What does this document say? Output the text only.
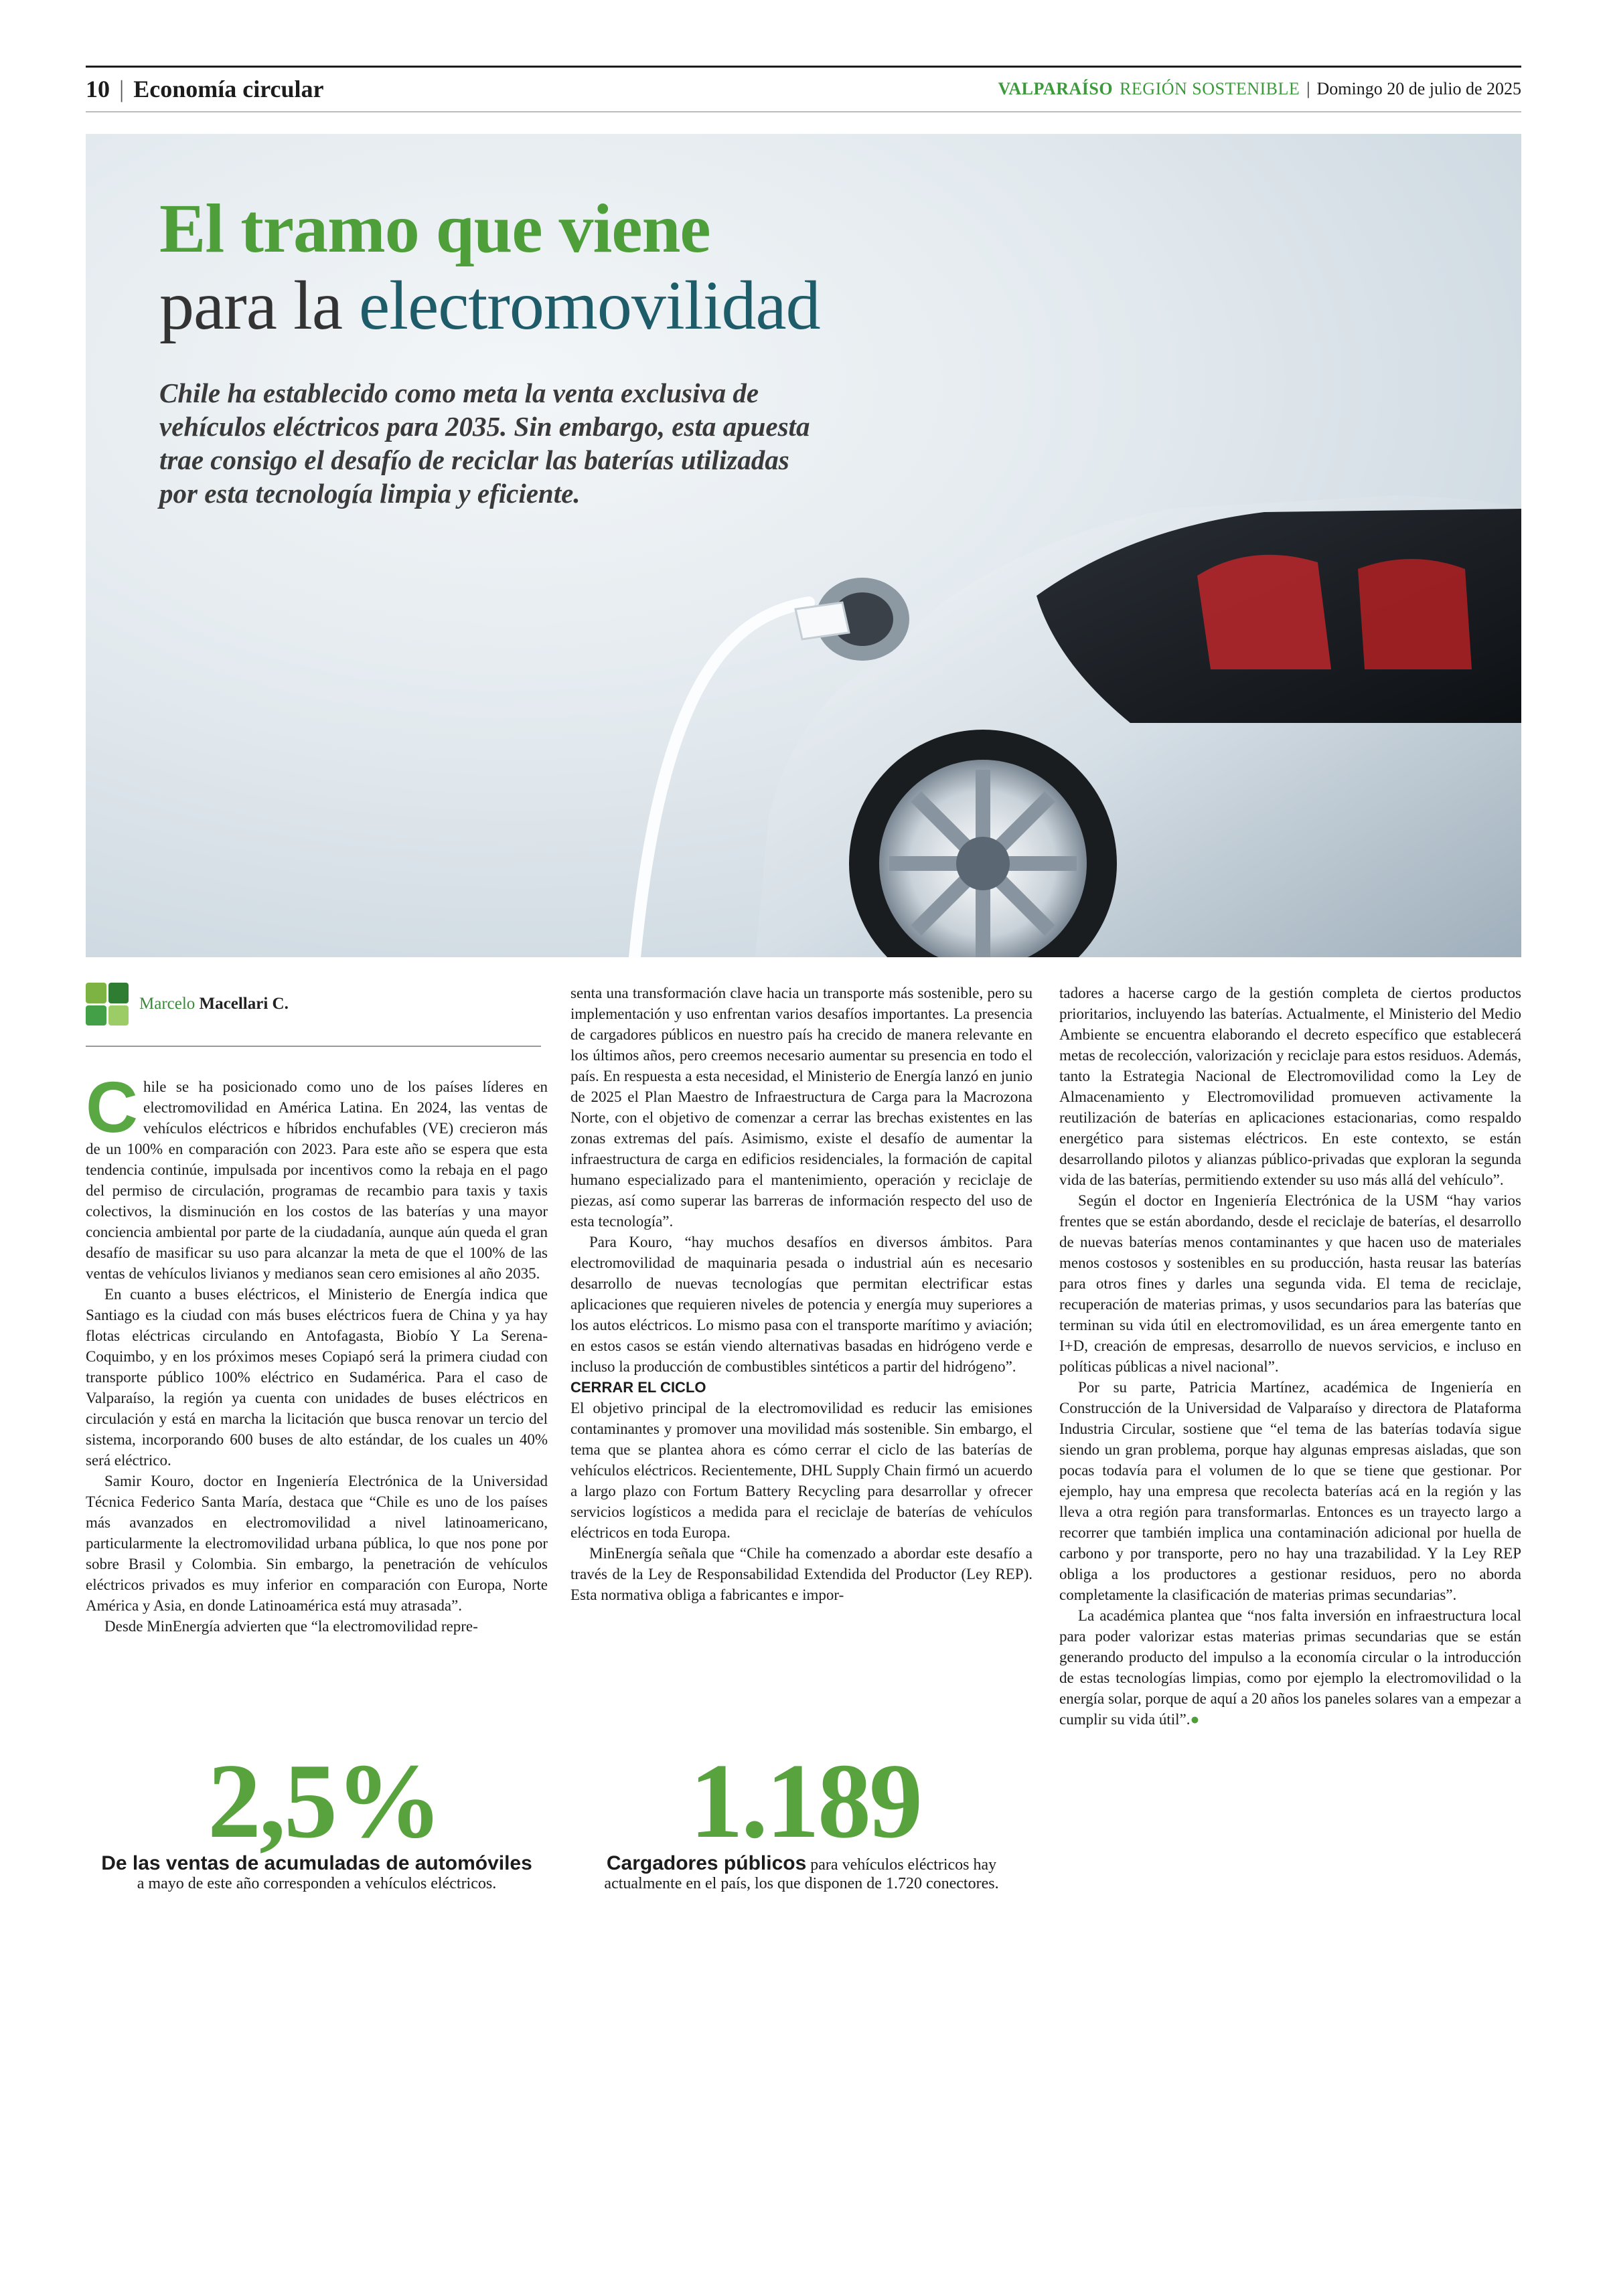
10 | Economía circular	VALPARAÍSO REGIÓN SOSTENIBLE | Domingo 20 de julio de 2025
El tramo que viene
para la electromovilidad
Chile ha establecido como meta la venta exclusiva de vehículos eléctricos para 2035. Sin embargo, esta apuesta trae consigo el desafío de reciclar las baterías utilizadas por esta tecnología limpia y eficiente.
Marcelo Macellari C.

Chile se ha posicionado como uno de los países líderes en electromovilidad en América Latina. En 2024, las ventas de vehículos eléctricos e híbridos enchufables (VE) crecieron más de un 100% en comparación con 2023. Para este año se espera que esta tendencia continúe, impulsada por incentivos como la rebaja en el pago del permiso de circulación, programas de recambio para taxis y taxis colectivos, la disminución en los costos de las baterías y una mayor conciencia ambiental por parte de la ciudadanía, aunque aún queda el gran desafío de masificar su uso para alcanzar la meta de que el 100% de las ventas de vehículos livianos y medianos sean cero emisiones al año 2035.

En cuanto a buses eléctricos, el Ministerio de Energía indica que Santiago es la ciudad con más buses eléctricos fuera de China y ya hay flotas eléctricas circulando en Antofagasta, Biobío Y La Serena-Coquimbo, y en los próximos meses Copiapó será la primera ciudad con transporte público 100% eléctrico en Sudamérica. Para el caso de Valparaíso, la región ya cuenta con unidades de buses eléctricos en circulación y está en marcha la licitación que busca renovar un tercio del sistema, incorporando 600 buses de alto estándar, de los cuales un 40% será eléctrico.

Samir Kouro, doctor en Ingeniería Electrónica de la Universidad Técnica Federico Santa María, destaca que “Chile es uno de los países más avanzados en electromovilidad a nivel latinoamericano, particularmente la electromovilidad urbana pública, lo que nos pone por sobre Brasil y Colombia. Sin embargo, la penetración de vehículos eléctricos privados es muy inferior en comparación con Europa, Norte América y Asia, en donde Latinoamérica está muy atrasada”.

Desde MinEnergía advierten que “la electromovilidad repre-

senta una transformación clave hacia un transporte más sostenible, pero su implementación y uso enfrentan varios desafíos importantes. La presencia de cargadores públicos en nuestro país ha crecido de manera relevante en los últimos años, pero creemos necesario aumentar su presencia en todo el país. En respuesta a esta necesidad, el Ministerio de Energía lanzó en junio de 2025 el Plan Maestro de Infraestructura de Carga para la Macrozona Norte, con el objetivo de comenzar a cerrar las brechas existentes en las zonas extremas del país. Asimismo, existe el desafío de aumentar la infraestructura de carga en edificios residenciales, la formación de capital humano especializado para el mantenimiento, operación y reciclaje de piezas, así como superar las barreras de información respecto del uso de esta tecnología”.

Para Kouro, “hay muchos desafíos en diversos ámbitos. Para electromovilidad de maquinaria pesada o industrial aún es necesario desarrollo de nuevas tecnologías que permitan electrificar estas aplicaciones que requieren niveles de potencia y energía muy superiores a los autos eléctricos. Lo mismo pasa con el transporte marítimo y aviación; en estos casos se están viendo alternativas basadas en hidrógeno verde e incluso la producción de combustibles sintéticos a partir del hidrógeno”.

CERRAR EL CICLO

El objetivo principal de la electromovilidad es reducir las emisiones contaminantes y promover una movilidad más sostenible. Sin embargo, el tema que se plantea ahora es cómo cerrar el ciclo de las baterías de vehículos eléctricos. Recientemente, DHL Supply Chain firmó un acuerdo a largo plazo con Fortum Battery Recycling para desarrollar y ofrecer servicios logísticos a medida para el reciclaje de baterías de vehículos eléctricos en toda Europa.

MinEnergía señala que “Chile ha comenzado a abordar este desafío a través de la Ley de Responsabilidad Extendida del Productor (Ley REP). Esta normativa obliga a fabricantes e impor-

tadores a hacerse cargo de la gestión completa de ciertos productos prioritarios, incluyendo las baterías. Actualmente, el Ministerio del Medio Ambiente se encuentra elaborando el decreto específico que establecerá metas de recolección, valorización y reciclaje para estos residuos. Además, tanto la Estrategia Nacional de Electromovilidad como la Ley de Almacenamiento y Electromovilidad promueven activamente la reutilización de baterías en aplicaciones estacionarias, como respaldo energético para sistemas eléctricos. En este contexto, se están desarrollando pilotos y alianzas público-privadas que exploran la segunda vida de las baterías, permitiendo extender su uso más allá del vehículo”.

Según el doctor en Ingeniería Electrónica de la USM “hay varios frentes que se están abordando, desde el reciclaje de baterías, el desarrollo de nuevas baterías menos contaminantes y que hacen uso de materiales menos costosos y sostenibles en su producción, hasta reusar las baterías para otros fines y darles una segunda vida. El tema de reciclaje, recuperación de materias primas, y usos secundarios para las baterías que terminan su vida útil en electromovilidad, es un área emergente tanto en I+D, creación de empresas, desarrollo de nuevos servicios, e incluso en políticas públicas a nivel nacional”.

Por su parte, Patricia Martínez, académica de Ingeniería en Construcción de la Universidad de Valparaíso y directora de Plataforma Industria Circular, sostiene que “el tema de las baterías todavía sigue siendo un gran problema, porque hay algunas empresas aisladas, que son pocas todavía para el volumen de lo que se tiene que gestionar. Por ejemplo, hay una empresa que recolecta baterías acá en la región y las lleva a otra región para transformarlas. Entonces es un trayecto largo a recorrer que también implica una contaminación adicional por huella de carbono y por transporte, pero no hay una trazabilidad. Y la Ley REP obliga a los productores a gestionar residuos, pero no aborda completamente la clasificación de materias primas secundarias”.

La académica plantea que “nos falta inversión en infraestructura local para poder valorizar estas materias primas secundarias que se están generando producto del impulso a la economía circular o la introducción de estas tecnologías limpias, como por ejemplo la electromovilidad o la energía solar, porque de aquí a 20 años los paneles solares van a empezar a cumplir su vida útil”.●

2,5%
De las ventas de acumuladas de automóviles
a mayo de este año corresponden a vehículos eléctricos.
1.189
Cargadores públicos para vehículos eléctricos hay actualmente en el país, los que disponen de 1.720 conectores.
